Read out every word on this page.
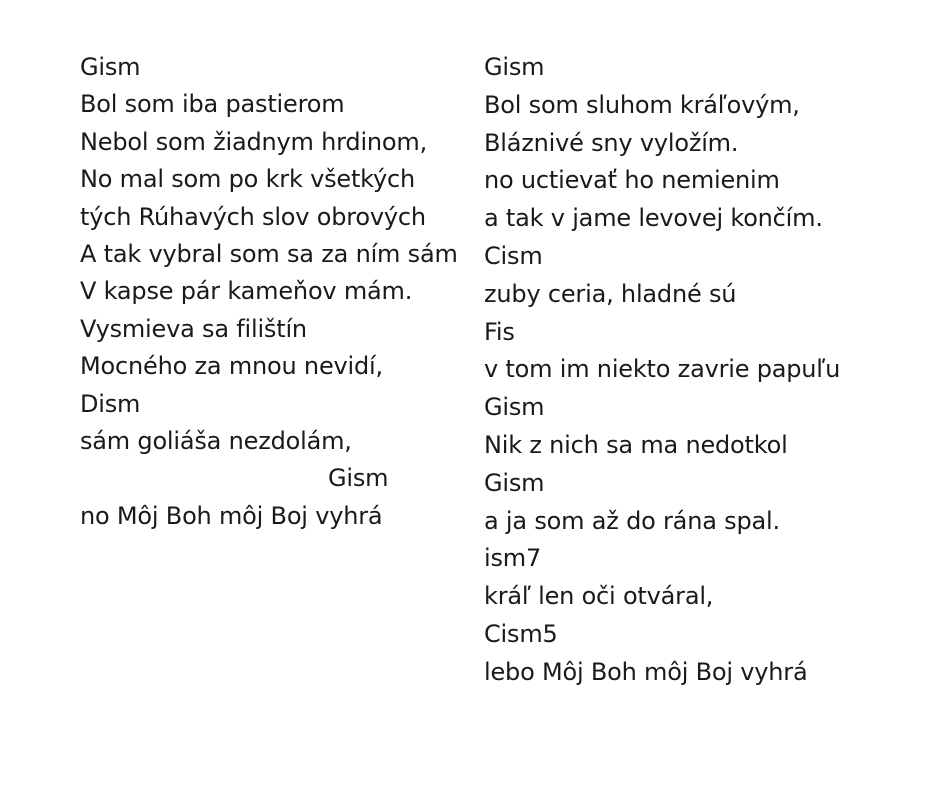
Gism
Bol som iba pastierom
Nebol som žiadnym hrdinom,
No mal som po krk všetkých
tých Rúhavých slov obrových
A tak vybral som sa za ním sám
V kapse pár kameňov mám.
Vysmieva sa filištín
Mocného za mnou nevidí,
Dism
sám goliáša nezdolám,
Gism
no Môj Boh môj Boj vyhrá
Gism
Bol som sluhom kráľovým,
Bláznivé sny vyložím.
no uctievať ho nemienim
a tak v jame levovej končím.
Cism
zuby ceria, hladné sú
Fis
v tom im niekto zavrie papuľu
Gism
Nik z nich sa ma nedotkol
Gism
a ja som až do rána spal.
ism7
kráľ len oči otváral,
Cism5
lebo Môj Boh môj Boj vyhrá
